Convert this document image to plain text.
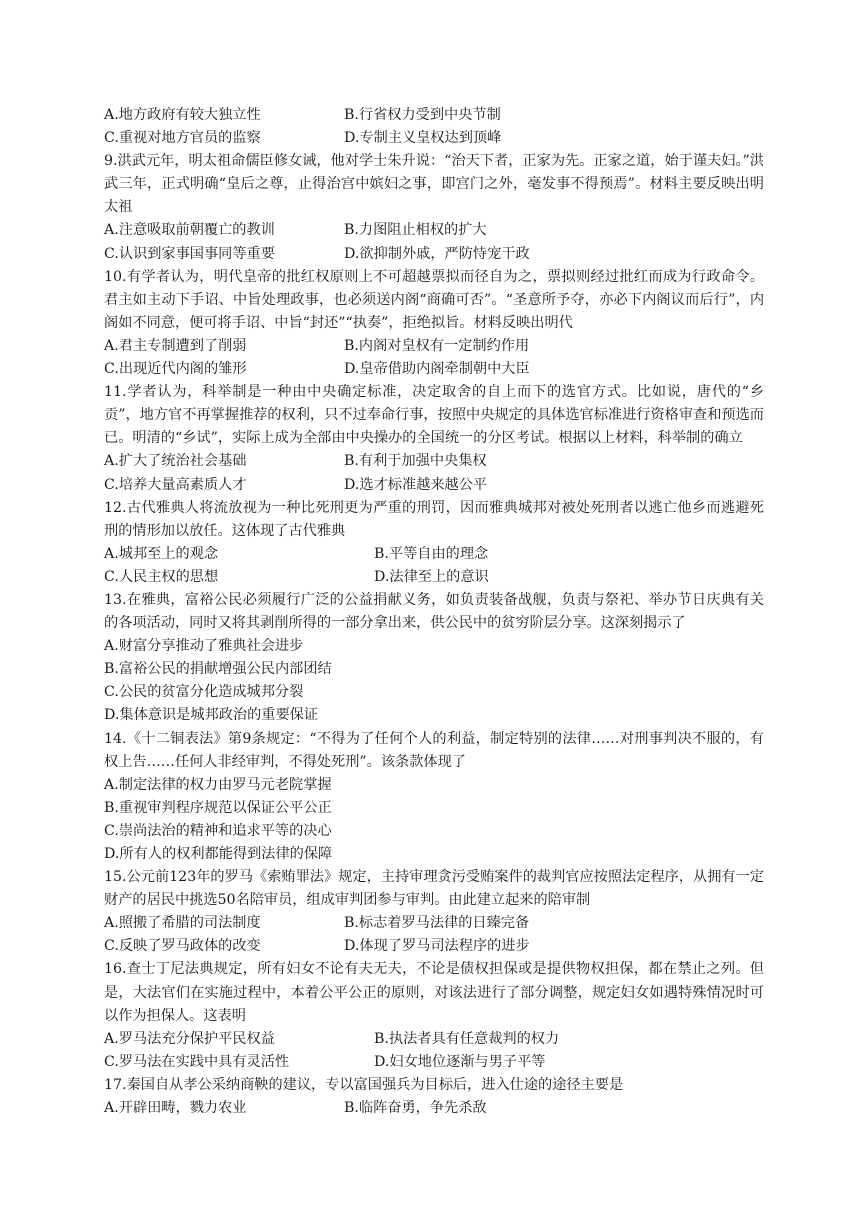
A.地方政府有较大独立性	B.行省权力受到中央节制
C.重视对地方官员的监察	D.专制主义皇权达到顶峰
9.洪武元年，明太祖命儒臣修女诫，他对学士朱升说：“治天下者，正家为先。正家之道，始于谨夫妇。”洪武三年，正式明确“皇后之尊，止得治宫中嫔妇之事，即宫门之外，毫发事不得预焉”。材料主要反映出明太祖
A.注意吸取前朝覆亡的教训	B.力图阻止相权的扩大
C.认识到家事国事同等重要	D.欲抑制外戚，严防恃宠干政
10.有学者认为，明代皇帝的批红权原则上不可超越票拟而径自为之，票拟则经过批红而成为行政命令。君主如主动下手诏、中旨处理政事，也必须送内阁“商确可否”。“圣意所予夺，亦必下内阁议而后行”，内阁如不同意，便可将手诏、中旨“封还”“执奏”，拒绝拟旨。材料反映出明代
A.君主专制遭到了削弱	B.内阁对皇权有一定制约作用
C.出现近代内阁的雏形	D.皇帝借助内阁牵制朝中大臣
11.学者认为，科举制是一种由中央确定标准，决定取舍的自上而下的选官方式。比如说，唐代的“乡贡”，地方官不再掌握推荐的权利，只不过奉命行事，按照中央规定的具体选官标准进行资格审查和预选而已。明清的“乡试”，实际上成为全部由中央操办的全国统一的分区考试。根据以上材料，科举制的确立
A.扩大了统治社会基础	B.有利于加强中央集权
C.培养大量高素质人才	D.选才标准越来越公平
12.古代雅典人将流放视为一种比死刑更为严重的刑罚，因而雅典城邦对被处死刑者以逃亡他乡而逃避死刑的情形加以放任。这体现了古代雅典
A.城邦至上的观念	B.平等自由的理念
C.人民主权的思想	D.法律至上的意识
13.在雅典，富裕公民必须履行广泛的公益捐献义务，如负责装备战舰，负责与祭祀、举办节日庆典有关的各项活动，同时又将其剥削所得的一部分拿出来，供公民中的贫穷阶层分享。这深刻揭示了
A.财富分享推动了雅典社会进步
B.富裕公民的捐献增强公民内部团结
C.公民的贫富分化造成城邦分裂
D.集体意识是城邦政治的重要保证
14.《十二铜表法》第9条规定：“不得为了任何个人的利益，制定特别的法律……对刑事判决不服的，有权上告……任何人非经审判，不得处死刑”。该条款体现了
A.制定法律的权力由罗马元老院掌握
B.重视审判程序规范以保证公平公正
C.崇尚法治的精神和追求平等的决心
D.所有人的权利都能得到法律的保障
15.公元前123年的罗马《索贿罪法》规定，主持审理贪污受贿案件的裁判官应按照法定程序，从拥有一定财产的居民中挑选50名陪审员，组成审判团参与审判。由此建立起来的陪审制
A.照搬了希腊的司法制度	B.标志着罗马法律的日臻完备
C.反映了罗马政体的改变	D.体现了罗马司法程序的进步
16.查士丁尼法典规定，所有妇女不论有夫无夫，不论是债权担保或是提供物权担保，都在禁止之列。但是，大法官们在实施过程中，本着公平公正的原则，对该法进行了部分调整，规定妇女如遇特殊情况时可以作为担保人。这表明
A.罗马法充分保护平民权益	B.执法者具有任意裁判的权力
C.罗马法在实践中具有灵活性	D.妇女地位逐渐与男子平等
17.秦国自从孝公采纳商鞅的建议，专以富国强兵为目标后，进入仕途的途径主要是
A.开辟田畴，戮力农业	B.临阵奋勇，争先杀敌
